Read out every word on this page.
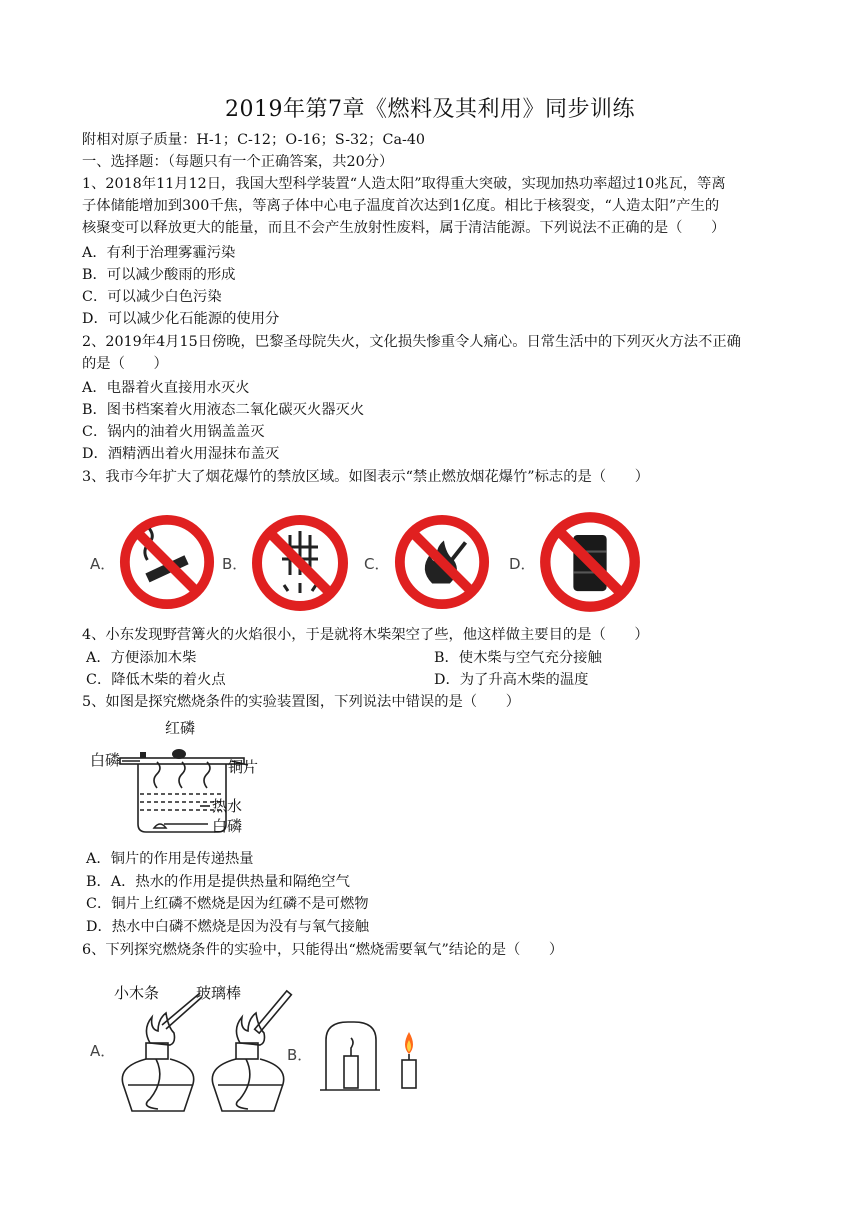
2019年第7章《燃料及其利用》同步训练
附相对原子质量：H-1；C-12；O-16；S-32；Ca-40
一、选择题：（每题只有一个正确答案，共20分）
1、2018年11月12日，我国大型科学装置“人造太阳”取得重大突破，实现加热功率超过10兆瓦，等离
子体储能增加到300千焦，等离子体中心电子温度首次达到1亿度。相比于核裂变，“人造太阳”产生的
核聚变可以释放更大的能量，而且不会产生放射性废料，属于清洁能源。下列说法不正确的是（　　）
A．有利于治理雾霾污染
B．可以减少酸雨的形成
C．可以减少白色污染
D．可以减少化石能源的使用分
2、2019年4月15日傍晚，巴黎圣母院失火，文化损失惨重令人痛心。日常生活中的下列灭火方法不正确
的是（　　）
A．电器着火直接用水灭火
B．图书档案着火用液态二氧化碳灭火器灭火
C．锅内的油着火用锅盖盖灭
D．酒精洒出着火用湿抹布盖灭
3、我市今年扩大了烟花爆竹的禁放区域。如图表示“禁止燃放烟花爆竹”标志的是（　　）
A．	B．	C．	D．
4、小东发现野营篝火的火焰很小，于是就将木柴架空了些，他这样做主要目的是（　　）
A．方便添加木柴	B．使木柴与空气充分接触
C．降低木柴的着火点	D．为了升高木柴的温度
5、如图是探究燃烧条件的实验装置图，下列说法中错误的是（　　）
红磷
白磷	铜片
热水
白磷
A．铜片的作用是传递热量
B．A．热水的作用是提供热量和隔绝空气
C．铜片上红磷不燃烧是因为红磷不是可燃物
D．热水中白磷不燃烧是因为没有与氧气接触
6、下列探究燃烧条件的实验中，只能得出“燃烧需要氧气”结论的是（　　）
小木条 玻璃棒
A．	B．
